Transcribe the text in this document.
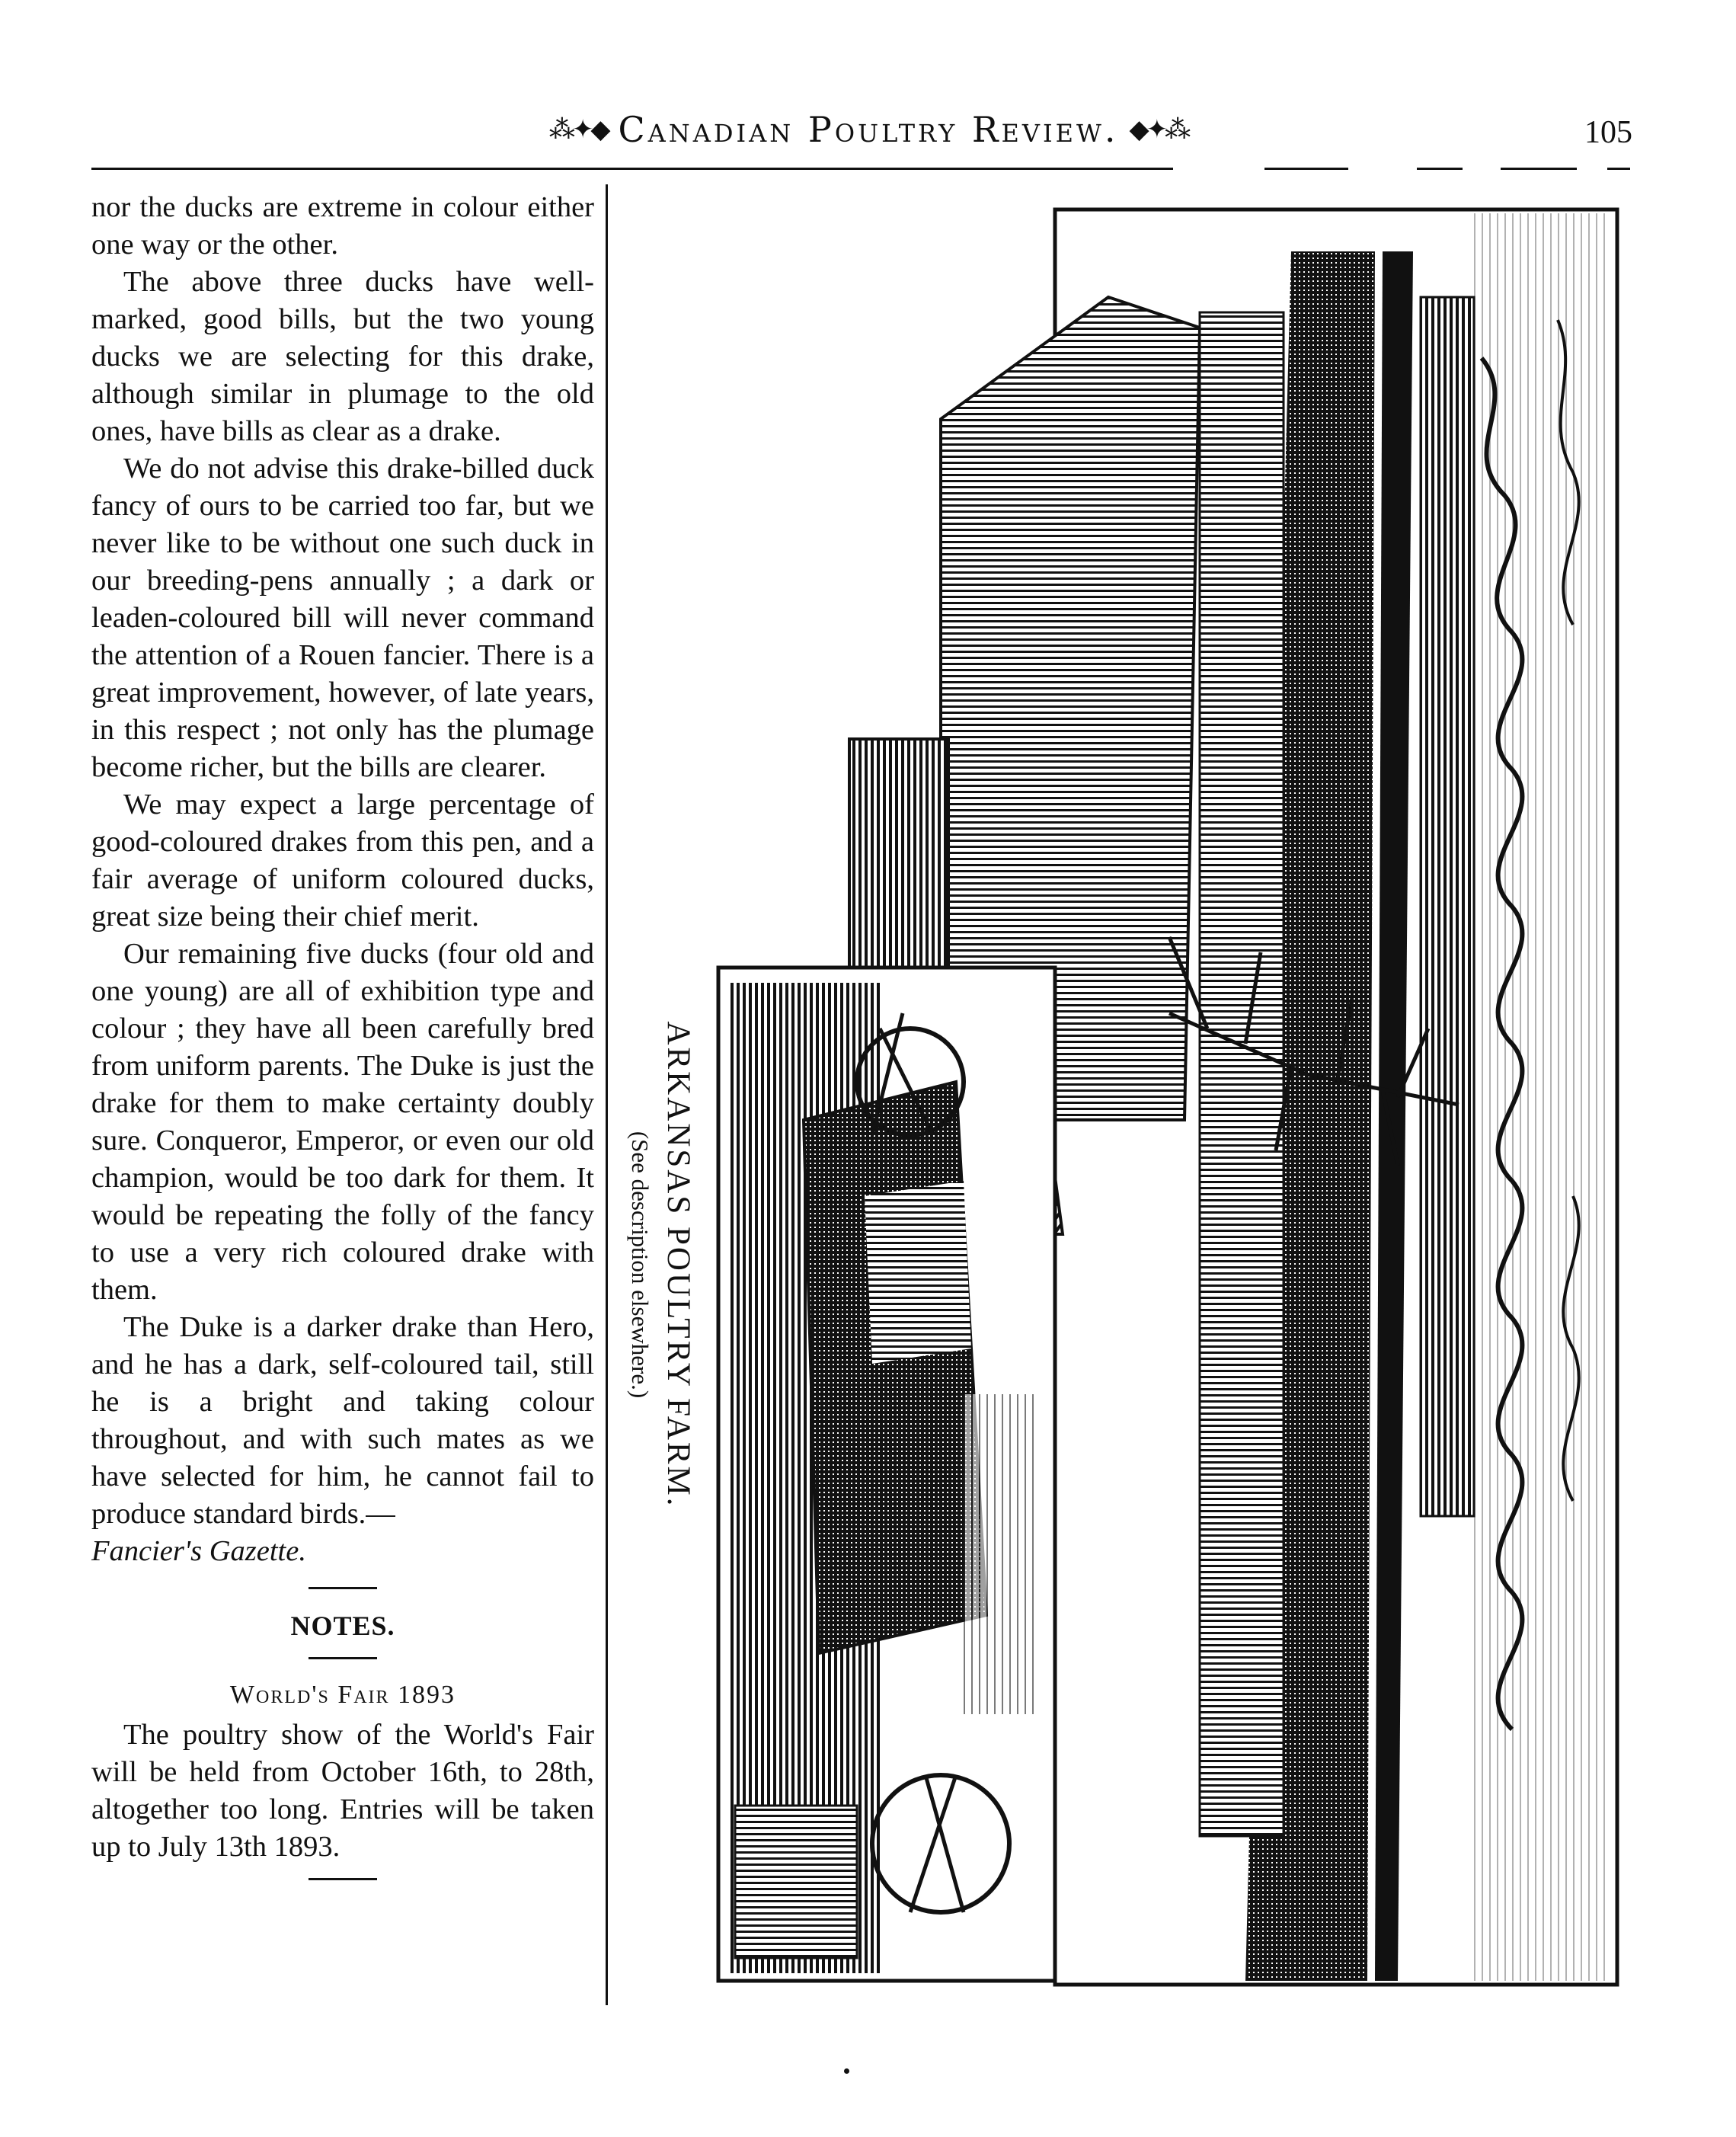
⁂✦◆ Canadian Poultry Review. ◆✦⁂	105

nor the ducks are extreme in colour either one way or the other.

The above three ducks have well-marked, good bills, but the two young ducks we are selecting for this drake, although similar in plumage to the old ones, have bills as clear as a drake.

We do not advise this drake-billed duck fancy of ours to be carried too far, but we never like to be without one such duck in our breeding-pens annually ; a dark or leaden-coloured bill will never command the attention of a Rouen fancier. There is a great improvement, however, of late years, in this respect ; not only has the plumage become richer, but the bills are clearer.

We may expect a large percentage of good-coloured drakes from this pen, and a fair average of uniform coloured ducks, great size being their chief merit.

Our remaining five ducks (four old and one young) are all of exhibition type and colour ; they have all been carefully bred from uniform parents. The Duke is just the drake for them to make certainty doubly sure. Conqueror, Emperor, or even our old champion, would be too dark for them. It would be repeating the folly of the fancy to use a very rich coloured drake with them.

The Duke is a darker drake than Hero, and he has a dark, self-coloured tail, still he is a bright and taking colour throughout, and with such mates as we have selected for him, he cannot fail to produce standard birds.—

Fancier's Gazette.

NOTES.
World's Fair 1893

The poultry show of the World's Fair will be held from October 16th, to 28th, altogether too long. Entries will be taken up to July 13th 1893.

ARKANSAS POULTRY FARM.
(See description elsewhere.)
